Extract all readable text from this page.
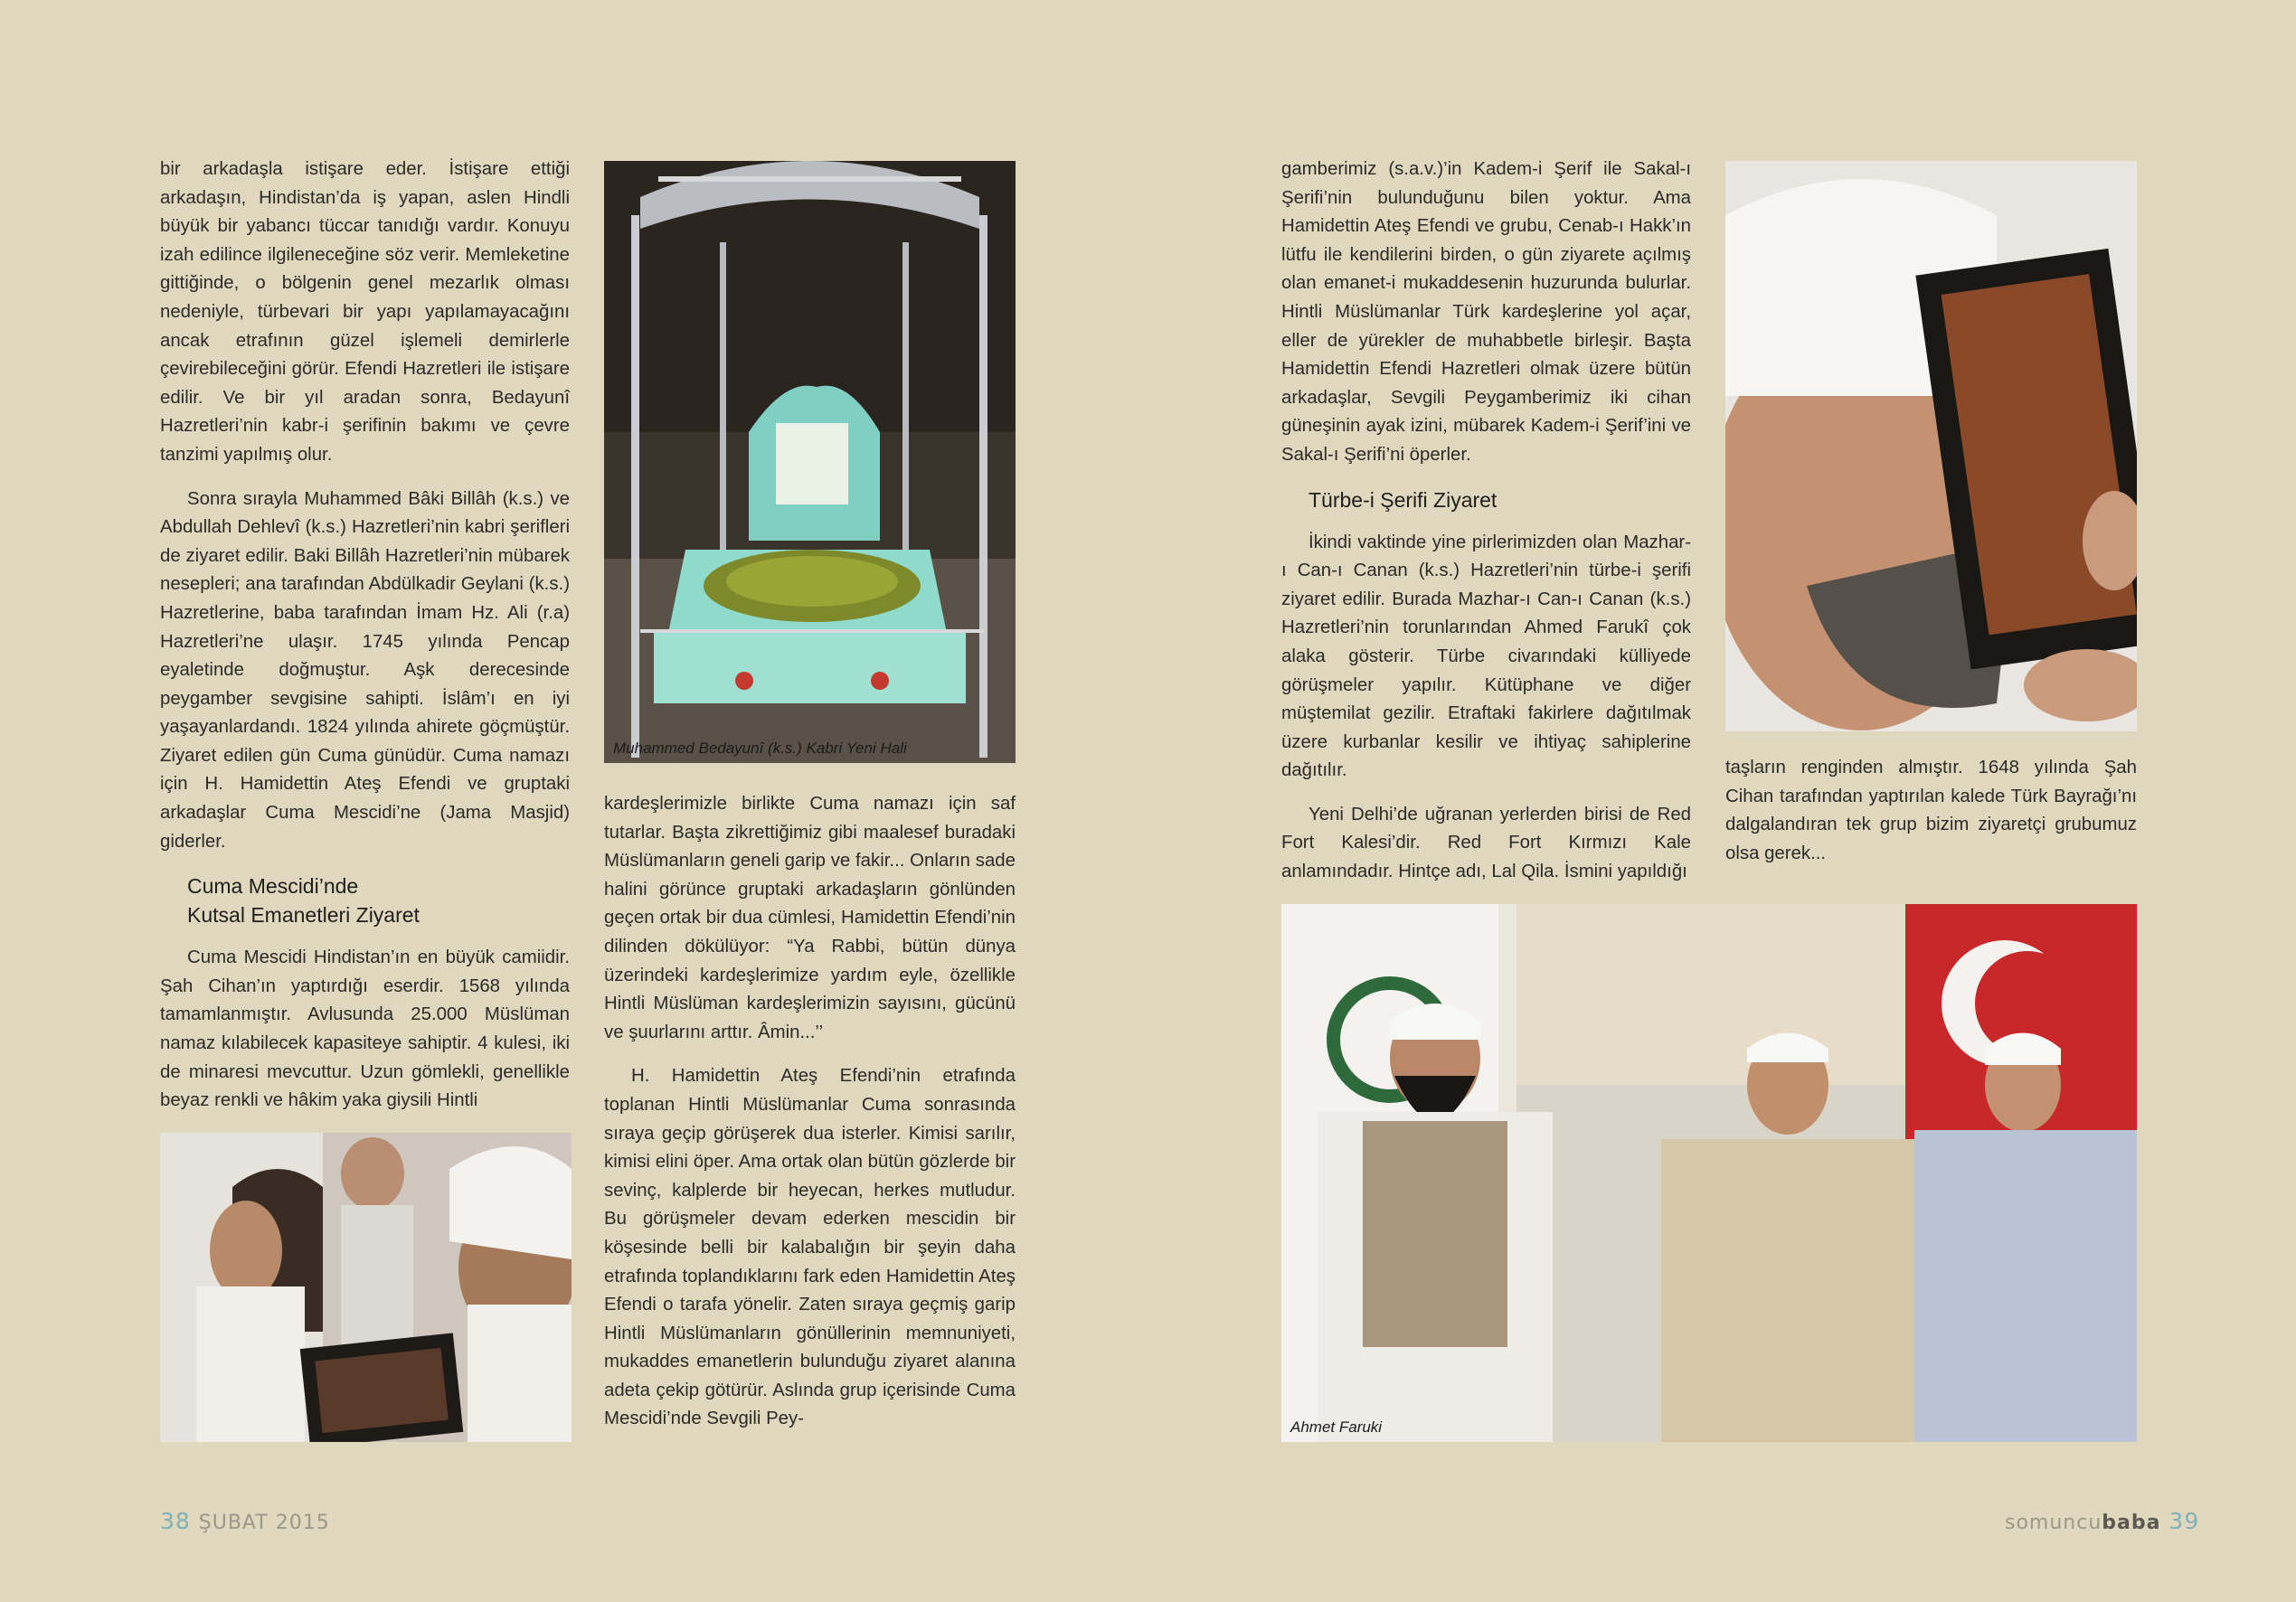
bir arkadaşla istişare eder. İstişare ettiği arkadaşın, Hindistan’da iş yapan, aslen Hindli büyük bir yabancı tüccar tanıdığı vardır. Konuyu izah edilince ilgileneceğine söz verir. Memleketine gittiğinde, o bölgenin genel mezarlık olması nedeniyle, türbevari bir yapı yapılamayacağını ancak etrafının güzel işlemeli demirlerle çevirebileceğini görür. Efendi Hazretleri ile istişare edilir. Ve bir yıl aradan sonra, Bedayunî Hazretleri’nin kabr-i şerifinin bakımı ve çevre tanzimi yapılmış olur.

Sonra sırayla Muhammed Bâki Billâh (k.s.) ve Abdullah Dehlevî (k.s.) Hazretleri’nin kabri şerifleri de ziyaret edilir. Baki Billâh Hazretleri’nin mübarek nesepleri; ana tarafından Abdülkadir Geylani (k.s.) Hazretlerine, baba tarafından İmam Hz. Ali (r.a) Hazretleri’ne ulaşır. 1745 yılında Pencap eyaletinde doğmuştur. Aşk derecesinde peygamber sevgisine sahipti. İslâm’ı en iyi yaşayanlardandı. 1824 yılında ahirete göçmüştür. Ziyaret edilen gün Cuma günüdür. Cuma namazı için H. Hamidettin Ateş Efendi ve gruptaki arkadaşlar Cuma Mescidi’ne (Jama Masjid) giderler.

Cuma Mescidi’nde
Kutsal Emanetleri Ziyaret

Cuma Mescidi Hindistan’ın en büyük camiidir. Şah Cihan’ın yaptırdığı eserdir. 1568 yılında tamamlanmıştır. Avlusunda 25.000 Müslüman namaz kılabilecek kapasiteye sahiptir. 4 kulesi, iki de minaresi mevcuttur. Uzun gömlekli, genellikle beyaz renkli ve hâkim yaka giysili Hintli

Muhammed Bedayunî (k.s.) Kabri Yeni Hali

kardeşlerimizle birlikte Cuma namazı için saf tutarlar. Başta zikrettiğimiz gibi maalesef buradaki Müslümanların geneli garip ve fakir... Onların sade halini görünce gruptaki arkadaşların gönlünden geçen ortak bir dua cümlesi, Hamidettin Efendi’nin dilinden dökülüyor: “Ya Rabbi, bütün dünya üzerindeki kardeşlerimize yardım eyle, özellikle Hintli Müslüman kardeşlerimizin sayısını, gücünü ve şuurlarını arttır. Âmin...’’

H. Hamidettin Ateş Efendi’nin etrafında toplanan Hintli Müslümanlar Cuma sonrasında sıraya geçip görüşerek dua isterler. Kimisi sarılır, kimisi elini öper. Ama ortak olan bütün gözlerde bir sevinç, kalplerde bir heyecan, herkes mutludur. Bu görüşmeler devam ederken mescidin bir köşesinde belli bir kalabalığın bir şeyin daha etrafında toplandıklarını fark eden Hamidettin Ateş Efendi o tarafa yönelir. Zaten sıraya geçmiş garip Hintli Müslümanların gönüllerinin memnuniyeti, mukaddes emanetlerin bulunduğu ziyaret alanına adeta çekip götürür. Aslında grup içerisinde Cuma Mescidi’nde Sevgili Pey-

38 ŞUBAT 2015

gamberimiz (s.a.v.)’in Kadem-i Şerif ile Sakal-ı Şerifi’nin bulunduğunu bilen yoktur. Ama Hamidettin Ateş Efendi ve grubu, Cenab-ı Hakk’ın lütfu ile kendilerini birden, o gün ziyarete açılmış olan emanet-i mukaddesenin huzurunda bulurlar. Hintli Müslümanlar Türk kardeşlerine yol açar, eller de yürekler de muhabbetle birleşir. Başta Hamidettin Efendi Hazretleri olmak üzere bütün arkadaşlar, Sevgili Peygamberimiz iki cihan güneşinin ayak izini, mübarek Kadem-i Şerif’ini ve Sakal-ı Şerifi’ni öperler.

Türbe-i Şerifi Ziyaret

İkindi vaktinde yine pirlerimizden olan Mazhar-ı Can-ı Canan (k.s.) Hazretleri’nin türbe-i şerifi ziyaret edilir. Burada Mazhar-ı Can-ı Canan (k.s.) Hazretleri’nin torunlarından Ahmed Farukî çok alaka gösterir. Türbe civarındaki külliyede görüşmeler yapılır. Kütüphane ve diğer müştemilat gezilir. Etraftaki fakirlere dağıtılmak üzere kurbanlar kesilir ve ihtiyaç sahiplerine dağıtılır.

Yeni Delhi’de uğranan yerlerden birisi de Red Fort Kalesi’dir. Red Fort Kırmızı Kale anlamındadır. Hintçe adı, Lal Qila. İsmini yapıldığı

taşların renginden almıştır. 1648 yılında Şah Cihan tarafından yaptırılan kalede Türk Bayrağı’nı dalgalandıran tek grup bizim ziyaretçi grubumuz olsa gerek...

Ahmet Faruki
somuncubaba 39
